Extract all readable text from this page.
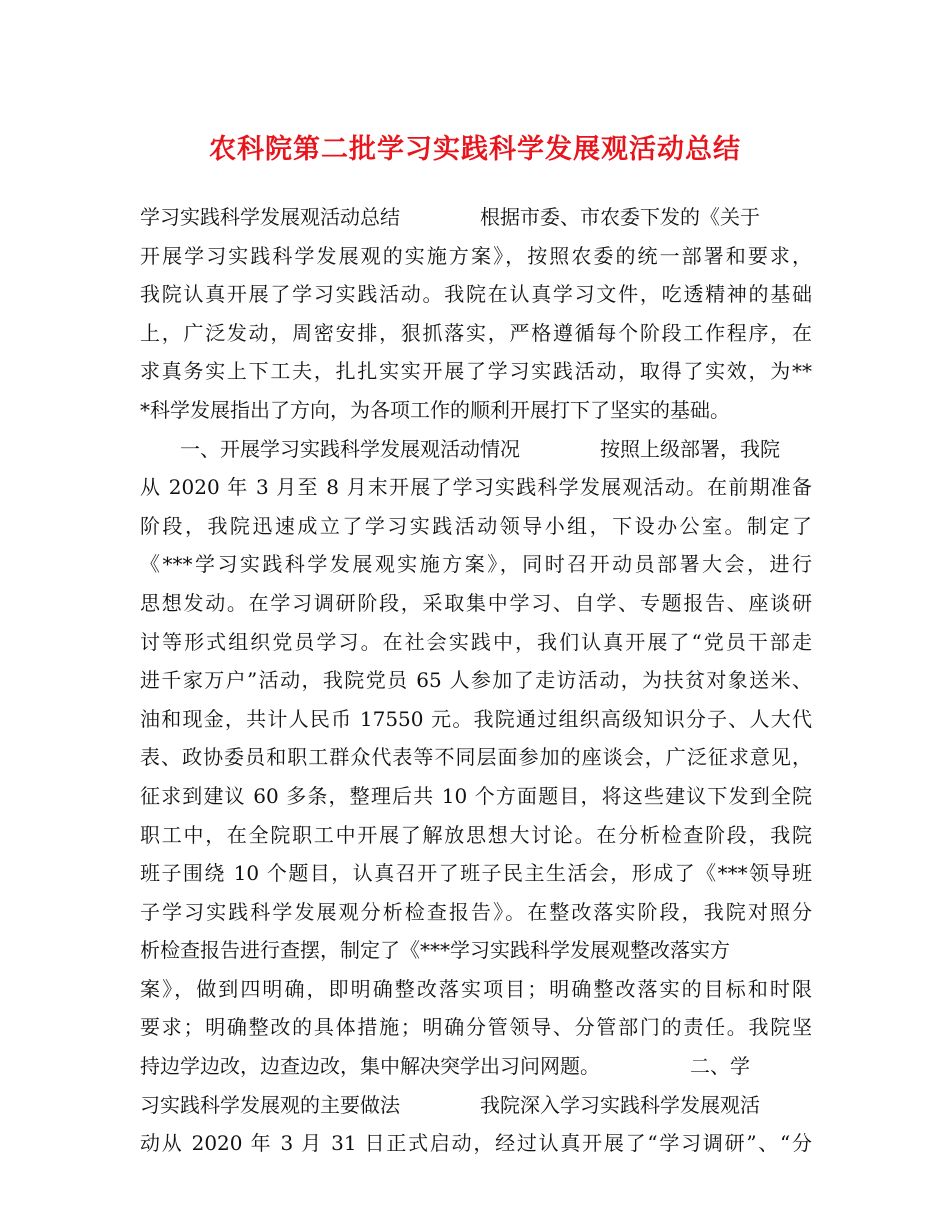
农科院第二批学习实践科学发展观活动总结
学习实践科学发展观活动总结　　　　根据市委、市农委下发的《关于
开展学习实践科学发展观的实施方案》，按照农委的统一部署和要求，
我院认真开展了学习实践活动。我院在认真学习文件，吃透精神的基础
上，广泛发动，周密安排，狠抓落实，严格遵循每个阶段工作程序，在
求真务实上下工夫，扎扎实实开展了学习实践活动，取得了实效，为**
*科学发展指出了方向，为各项工作的顺利开展打下了坚实的基础。
　　一、开展学习实践科学发展观活动情况　　　　按照上级部署，我院
从 2020 年 3 月至 8 月末开展了学习实践科学发展观活动。在前期准备
阶段，我院迅速成立了学习实践活动领导小组，下设办公室。制定了
《***学习实践科学发展观实施方案》，同时召开动员部署大会，进行
思想发动。在学习调研阶段，采取集中学习、自学、专题报告、座谈研
讨等形式组织党员学习。在社会实践中，我们认真开展了“党员干部走
进千家万户”活动，我院党员 65 人参加了走访活动，为扶贫对象送米、
油和现金，共计人民币 17550 元。我院通过组织高级知识分子、人大代
表、政协委员和职工群众代表等不同层面参加的座谈会，广泛征求意见，
征求到建议 60 多条，整理后共 10 个方面题目，将这些建议下发到全院
职工中，在全院职工中开展了解放思想大讨论。在分析检查阶段，我院
班子围绕 10 个题目，认真召开了班子民主生活会，形成了《***领导班
子学习实践科学发展观分析检查报告》。在整改落实阶段，我院对照分
析检查报告进行查摆，制定了《***学习实践科学发展观整改落实方
案》，做到四明确，即明确整改落实项目；明确整改落实的目标和时限
要求；明确整改的具体措施；明确分管领导、分管部门的责任。我院坚
持边学边改，边查边改，集中解决突学出习问网题。　　　　　二、学
习实践科学发展观的主要做法　　　　我院深入学习实践科学发展观活
动从 2020 年 3 月 31 日正式启动，经过认真开展了“学习调研”、“分
